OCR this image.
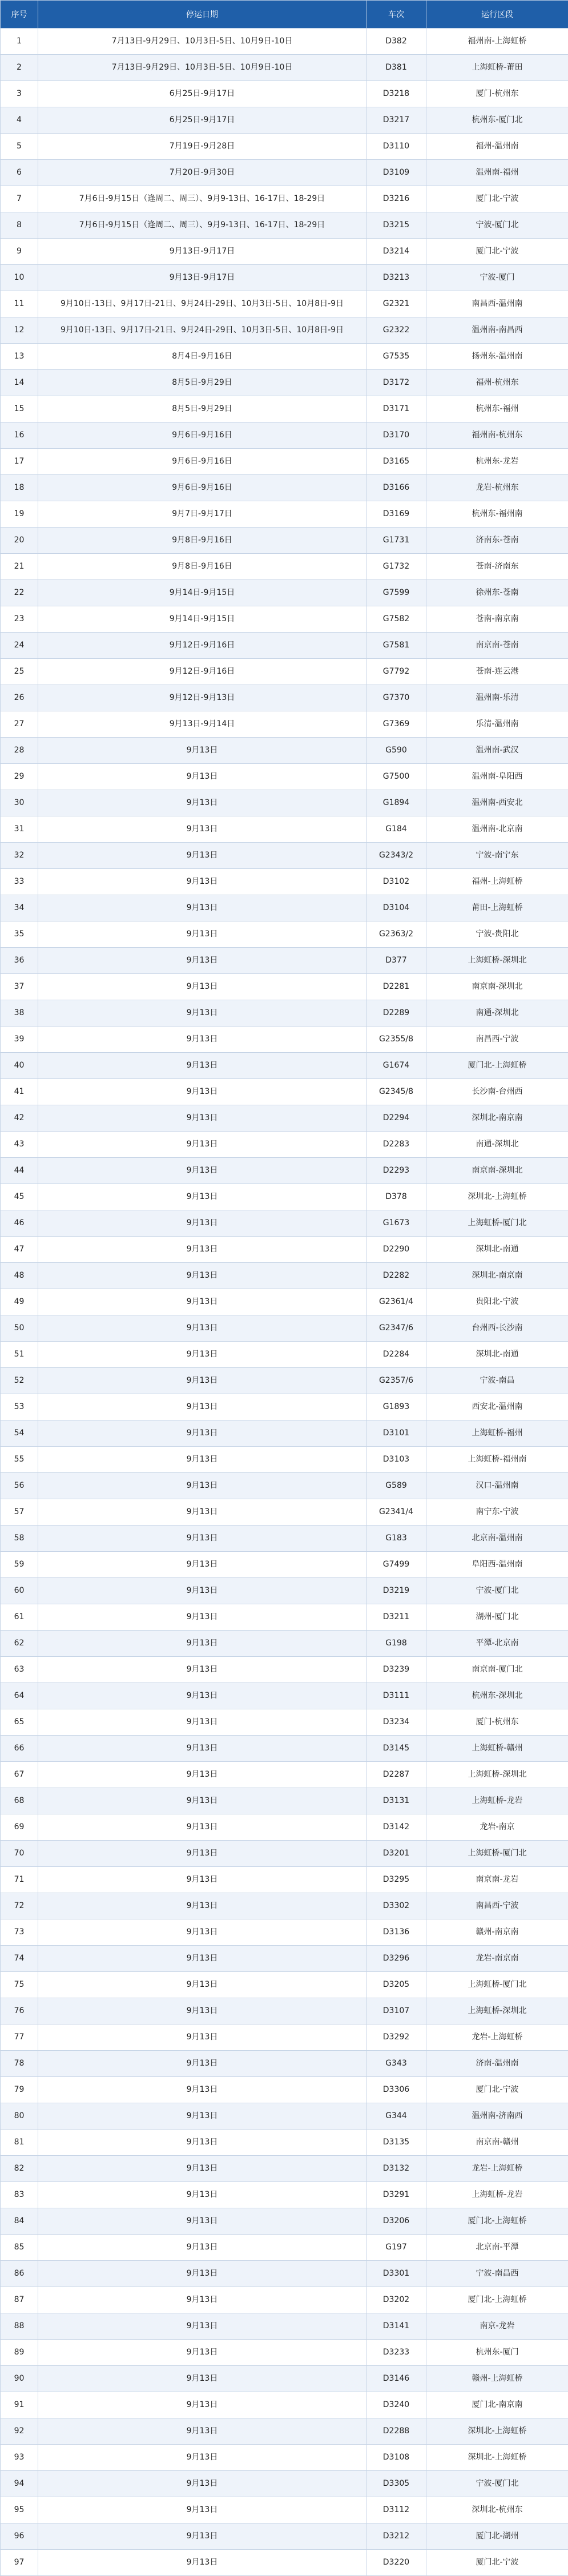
序号	停运日期	车次	运行区段
1	7月13日-9月29日、10月3日-5日、10月9日-10日	D382	福州南-上海虹桥
2	7月13日-9月29日、10月3日-5日、10月9日-10日	D381	上海虹桥-莆田
3	6月25日-9月17日	D3218	厦门-杭州东
4	6月25日-9月17日	D3217	杭州东-厦门北
5	7月19日-9月28日	D3110	福州-温州南
6	7月20日-9月30日	D3109	温州南-福州
7	7月6日-9月15日（逢周二、周三）、9月9-13日、16-17日、18-29日	D3216	厦门北-宁波
8	7月6日-9月15日（逢周二、周三）、9月9-13日、16-17日、18-29日	D3215	宁波-厦门北
9	9月13日-9月17日	D3214	厦门北-宁波
10	9月13日-9月17日	D3213	宁波-厦门
11	9月10日-13日、9月17日-21日、9月24日-29日、10月3日-5日、10月8日-9日	G2321	南昌西-温州南
12	9月10日-13日、9月17日-21日、9月24日-29日、10月3日-5日、10月8日-9日	G2322	温州南-南昌西
13	8月4日-9月16日	G7535	扬州东-温州南
14	8月5日-9月29日	D3172	福州-杭州东
15	8月5日-9月29日	D3171	杭州东-福州
16	9月6日-9月16日	D3170	福州南-杭州东
17	9月6日-9月16日	D3165	杭州东-龙岩
18	9月6日-9月16日	D3166	龙岩-杭州东
19	9月7日-9月17日	D3169	杭州东-福州南
20	9月8日-9月16日	G1731	济南东-苍南
21	9月8日-9月16日	G1732	苍南-济南东
22	9月14日-9月15日	G7599	徐州东-苍南
23	9月14日-9月15日	G7582	苍南-南京南
24	9月12日-9月16日	G7581	南京南-苍南
25	9月12日-9月16日	G7792	苍南-连云港
26	9月12日-9月13日	G7370	温州南-乐清
27	9月13日-9月14日	G7369	乐清-温州南
28	9月13日	G590	温州南-武汉
29	9月13日	G7500	温州南-阜阳西
30	9月13日	G1894	温州南-西安北
31	9月13日	G184	温州南-北京南
32	9月13日	G2343/2	宁波-南宁东
33	9月13日	D3102	福州-上海虹桥
34	9月13日	D3104	莆田-上海虹桥
35	9月13日	G2363/2	宁波-贵阳北
36	9月13日	D377	上海虹桥-深圳北
37	9月13日	D2281	南京南-深圳北
38	9月13日	D2289	南通-深圳北
39	9月13日	G2355/8	南昌西-宁波
40	9月13日	G1674	厦门北-上海虹桥
41	9月13日	G2345/8	长沙南-台州西
42	9月13日	D2294	深圳北-南京南
43	9月13日	D2283	南通-深圳北
44	9月13日	D2293	南京南-深圳北
45	9月13日	D378	深圳北-上海虹桥
46	9月13日	G1673	上海虹桥-厦门北
47	9月13日	D2290	深圳北-南通
48	9月13日	D2282	深圳北-南京南
49	9月13日	G2361/4	贵阳北-宁波
50	9月13日	G2347/6	台州西-长沙南
51	9月13日	D2284	深圳北-南通
52	9月13日	G2357/6	宁波-南昌
53	9月13日	G1893	西安北-温州南
54	9月13日	D3101	上海虹桥-福州
55	9月13日	D3103	上海虹桥-福州南
56	9月13日	G589	汉口-温州南
57	9月13日	G2341/4	南宁东-宁波
58	9月13日	G183	北京南-温州南
59	9月13日	G7499	阜阳西-温州南
60	9月13日	D3219	宁波-厦门北
61	9月13日	D3211	湖州-厦门北
62	9月13日	G198	平潭-北京南
63	9月13日	D3239	南京南-厦门北
64	9月13日	D3111	杭州东-深圳北
65	9月13日	D3234	厦门-杭州东
66	9月13日	D3145	上海虹桥-赣州
67	9月13日	D2287	上海虹桥-深圳北
68	9月13日	D3131	上海虹桥-龙岩
69	9月13日	D3142	龙岩-南京
70	9月13日	D3201	上海虹桥-厦门北
71	9月13日	D3295	南京南-龙岩
72	9月13日	D3302	南昌西-宁波
73	9月13日	D3136	赣州-南京南
74	9月13日	D3296	龙岩-南京南
75	9月13日	D3205	上海虹桥-厦门北
76	9月13日	D3107	上海虹桥-深圳北
77	9月13日	D3292	龙岩-上海虹桥
78	9月13日	G343	济南-温州南
79	9月13日	D3306	厦门北-宁波
80	9月13日	G344	温州南-济南西
81	9月13日	D3135	南京南-赣州
82	9月13日	D3132	龙岩-上海虹桥
83	9月13日	D3291	上海虹桥-龙岩
84	9月13日	D3206	厦门北-上海虹桥
85	9月13日	G197	北京南-平潭
86	9月13日	D3301	宁波-南昌西
87	9月13日	D3202	厦门北-上海虹桥
88	9月13日	D3141	南京-龙岩
89	9月13日	D3233	杭州东-厦门
90	9月13日	D3146	赣州-上海虹桥
91	9月13日	D3240	厦门北-南京南
92	9月13日	D2288	深圳北-上海虹桥
93	9月13日	D3108	深圳北-上海虹桥
94	9月13日	D3305	宁波-厦门北
95	9月13日	D3112	深圳北-杭州东
96	9月13日	D3212	厦门北-湖州
97	9月13日	D3220	厦门北-宁波
